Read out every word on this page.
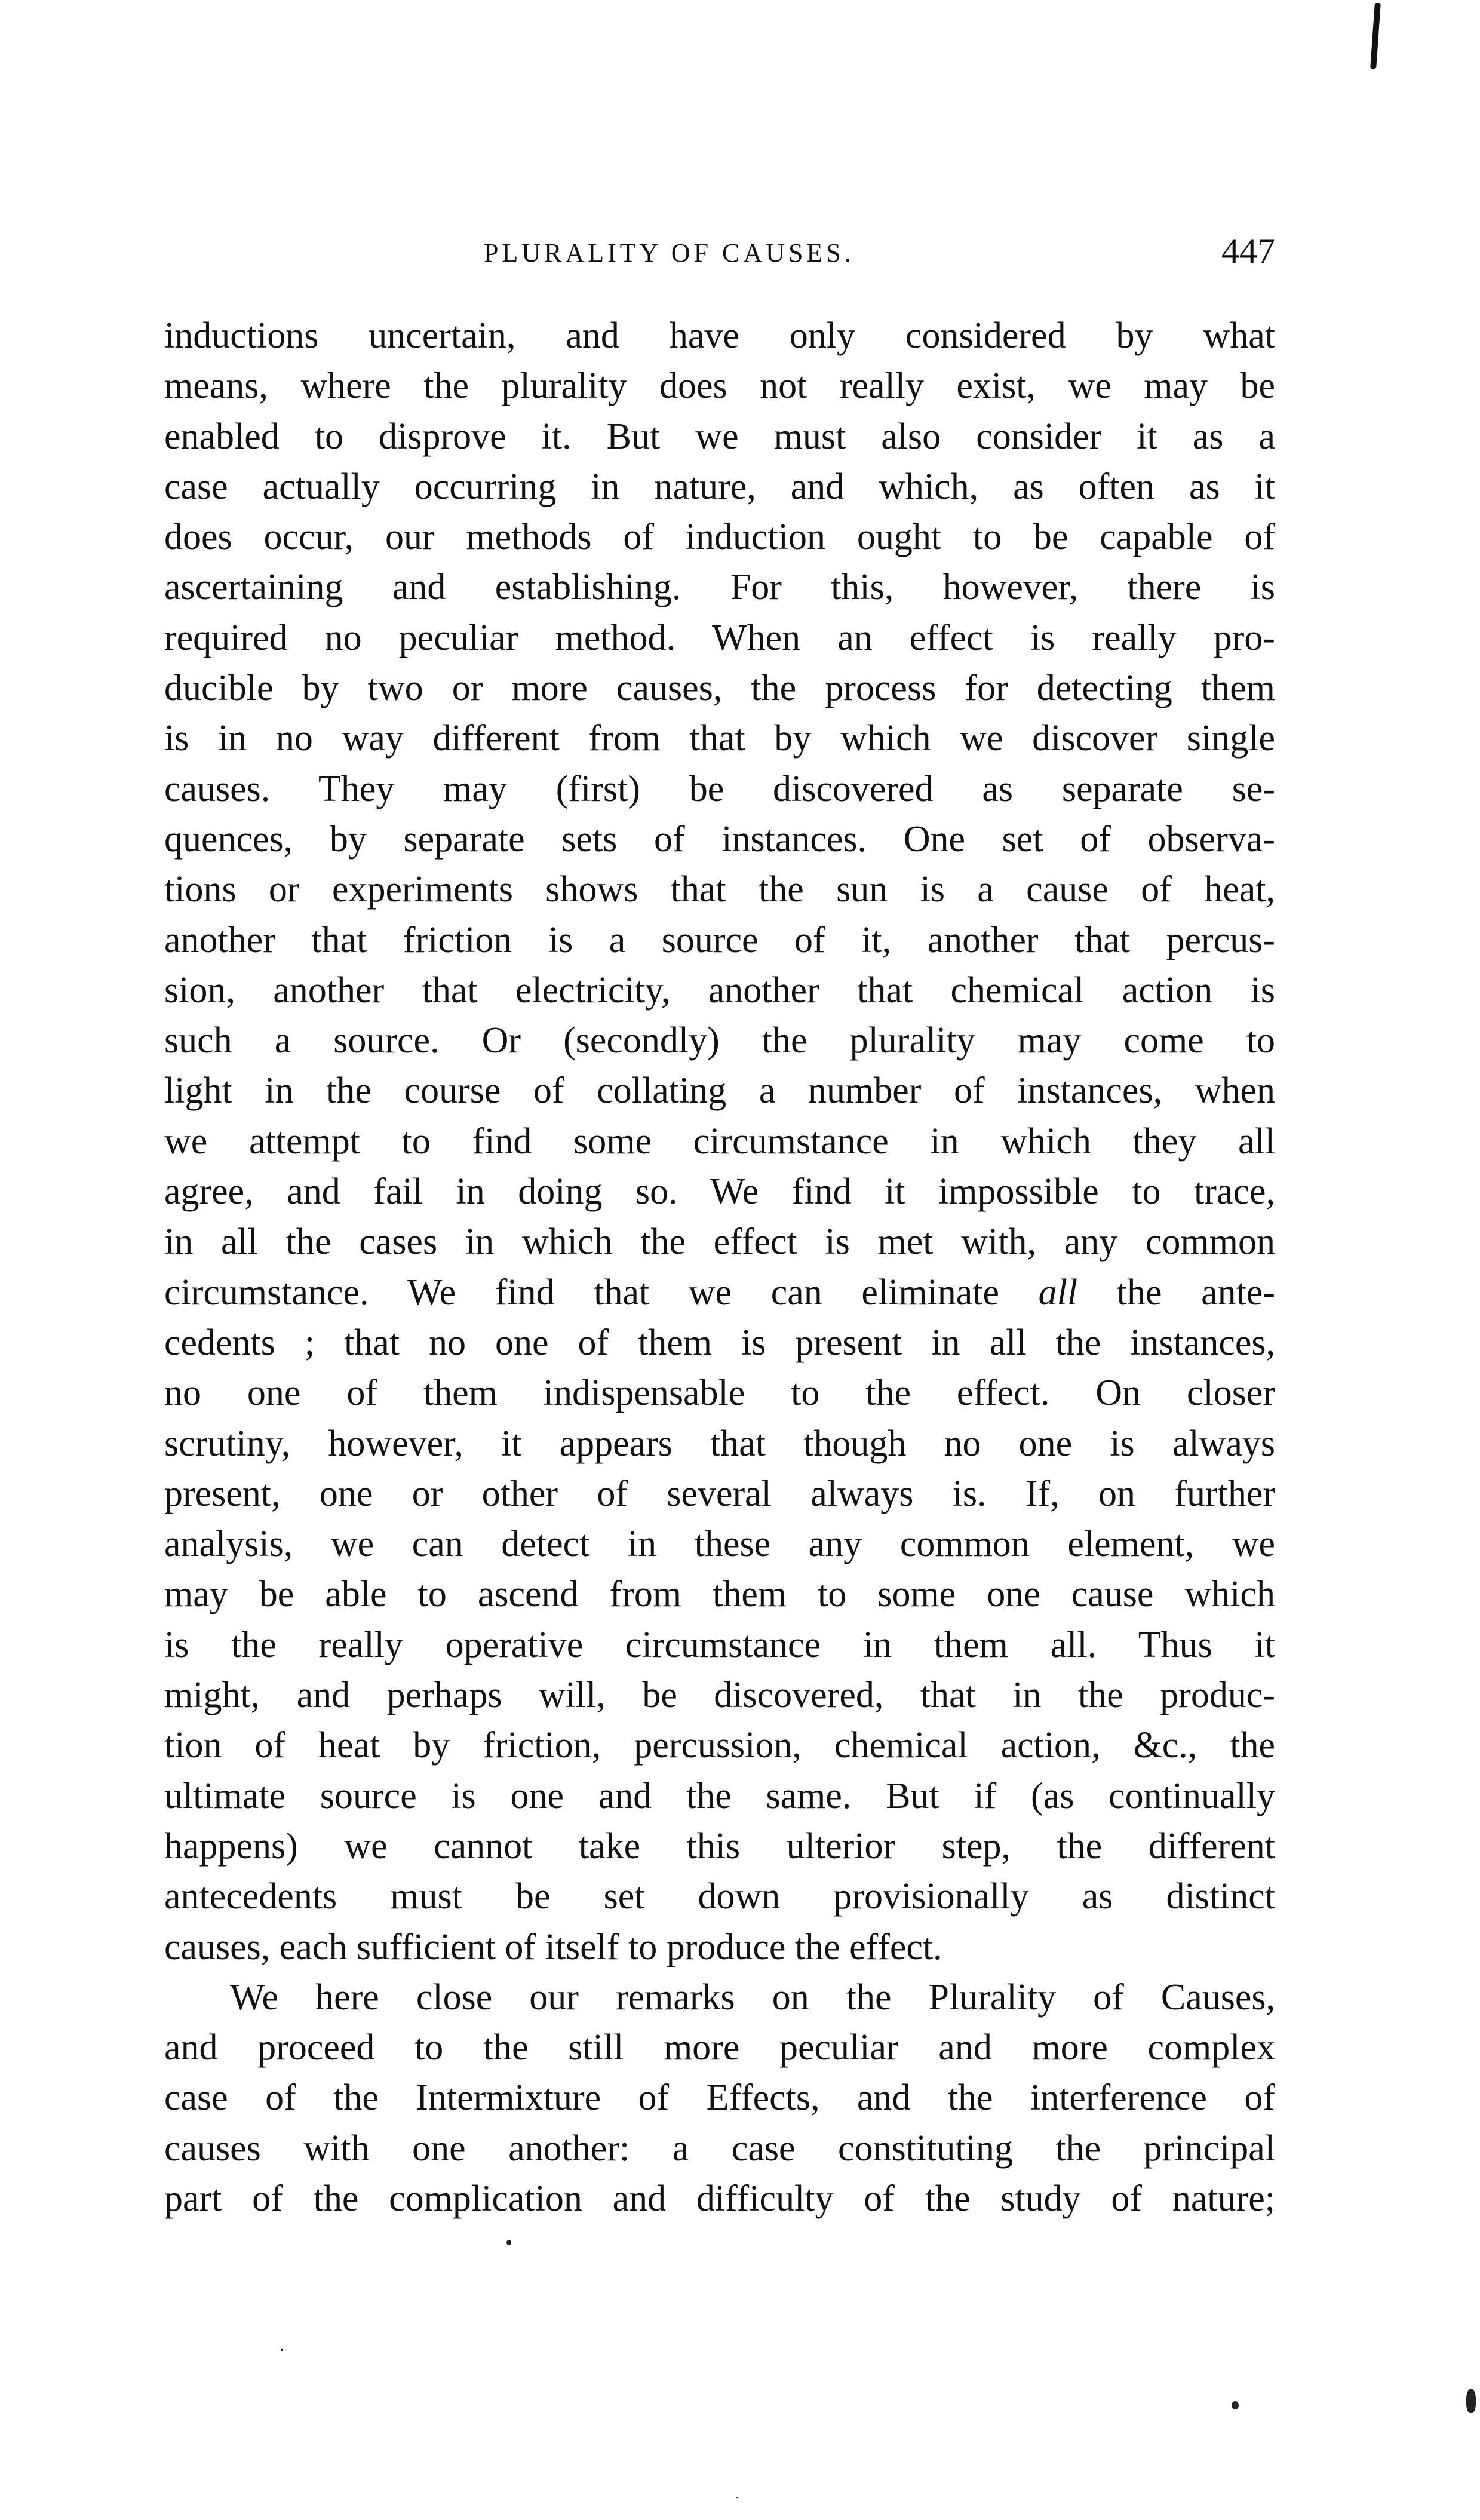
PLURALITY OF CAUSES.	447
inductions uncertain, and have only considered by what
means, where the plurality does not really exist, we may be
enabled to disprove it. But we must also consider it as a
case actually occurring in nature, and which, as often as it
does occur, our methods of induction ought to be capable of
ascertaining and establishing. For this, however, there is
required no peculiar method. When an effect is really pro-
ducible by two or more causes, the process for detecting them
is in no way different from that by which we discover single
causes. They may (first) be discovered as separate se-
quences, by separate sets of instances. One set of observa-
tions or experiments shows that the sun is a cause of heat,
another that friction is a source of it, another that percus-
sion, another that electricity, another that chemical action is
such a source. Or (secondly) the plurality may come to
light in the course of collating a number of instances, when
we attempt to find some circumstance in which they all
agree, and fail in doing so. We find it impossible to trace,
in all the cases in which the effect is met with, any common
circumstance. We find that we can eliminate all the ante-
cedents ; that no one of them is present in all the instances,
no one of them indispensable to the effect. On closer
scrutiny, however, it appears that though no one is always
present, one or other of several always is. If, on further
analysis, we can detect in these any common element, we
may be able to ascend from them to some one cause which
is the really operative circumstance in them all. Thus it
might, and perhaps will, be discovered, that in the produc-
tion of heat by friction, percussion, chemical action, &c., the
ultimate source is one and the same. But if (as continually
happens) we cannot take this ulterior step, the different
antecedents must be set down provisionally as distinct
causes, each sufficient of itself to produce the effect.
We here close our remarks on the Plurality of Causes,
and proceed to the still more peculiar and more complex
case of the Intermixture of Effects, and the interference of
causes with one another: a case constituting the principal
part of the complication and difficulty of the study of nature;
